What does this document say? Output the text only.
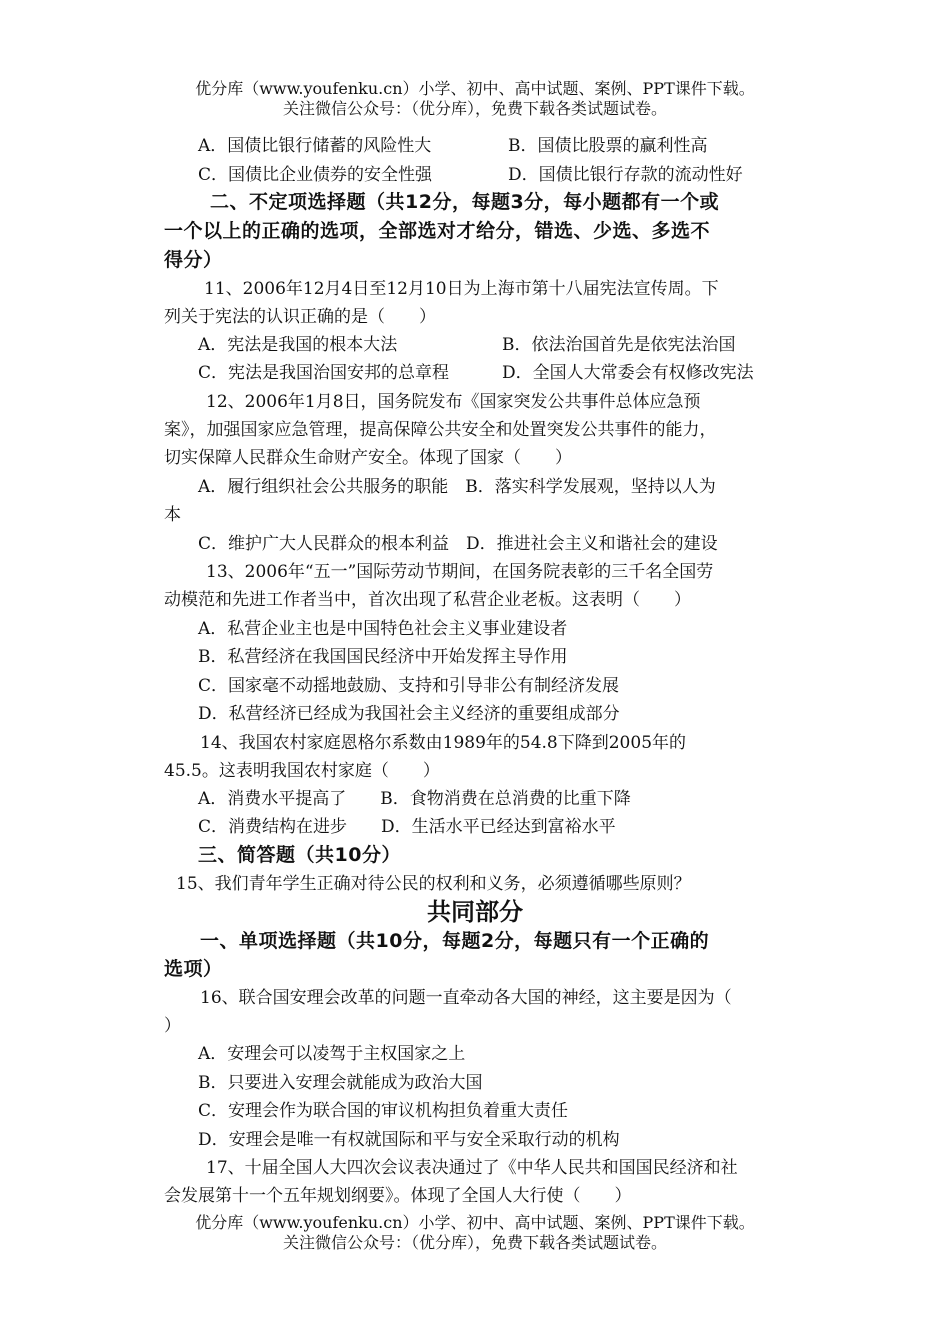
优分库（www.youfenku.cn）小学、初中、高中试题、案例、PPT课件下载。
关注微信公众号：（优分库），免费下载各类试题试卷。
A．国债比银行储蓄的风险性大	B．国债比股票的赢利性高
C．国债比企业债券的安全性强	D．国债比银行存款的流动性好
二、不定项选择题（共12分，每题3分，每小题都有一个或
一个以上的正确的选项，全部选对才给分，错选、少选、多选不
得分）
11、2006年12月4日至12月10日为上海市第十八届宪法宣传周。下
列关于宪法的认识正确的是（　　）
A．宪法是我国的根本大法	B．依法治国首先是依宪法治国
C．宪法是我国治国安邦的总章程	D．全国人大常委会有权修改宪法
12、2006年1月8日，国务院发布《国家突发公共事件总体应急预
案》，加强国家应急管理，提高保障公共安全和处置突发公共事件的能力，
切实保障人民群众生命财产安全。体现了国家（　　）
A．履行组织社会公共服务的职能　B．落实科学发展观，坚持以人为
本
C．维护广大人民群众的根本利益　D．推进社会主义和谐社会的建设
13、2006年“五一”国际劳动节期间，在国务院表彰的三千名全国劳
动模范和先进工作者当中，首次出现了私营企业老板。这表明（　　）
A．私营企业主也是中国特色社会主义事业建设者
B．私营经济在我国国民经济中开始发挥主导作用
C．国家毫不动摇地鼓励、支持和引导非公有制经济发展
D．私营经济已经成为我国社会主义经济的重要组成部分
14、我国农村家庭恩格尔系数由1989年的54.8下降到2005年的
45.5。这表明我国农村家庭（　　）
A．消费水平提高了　　B．食物消费在总消费的比重下降
C．消费结构在进步　　D．生活水平已经达到富裕水平
三、简答题（共10分）
15、我们青年学生正确对待公民的权利和义务，必须遵循哪些原则？
共同部分
一、单项选择题（共10分，每题2分，每题只有一个正确的
选项）
16、联合国安理会改革的问题一直牵动各大国的神经，这主要是因为（
）
A．安理会可以凌驾于主权国家之上
B．只要进入安理会就能成为政治大国
C．安理会作为联合国的审议机构担负着重大责任
D．安理会是唯一有权就国际和平与安全采取行动的机构
17、十届全国人大四次会议表决通过了《中华人民共和国国民经济和社
会发展第十一个五年规划纲要》。体现了全国人大行使（　　）
优分库（www.youfenku.cn）小学、初中、高中试题、案例、PPT课件下载。
关注微信公众号：（优分库），免费下载各类试题试卷。
